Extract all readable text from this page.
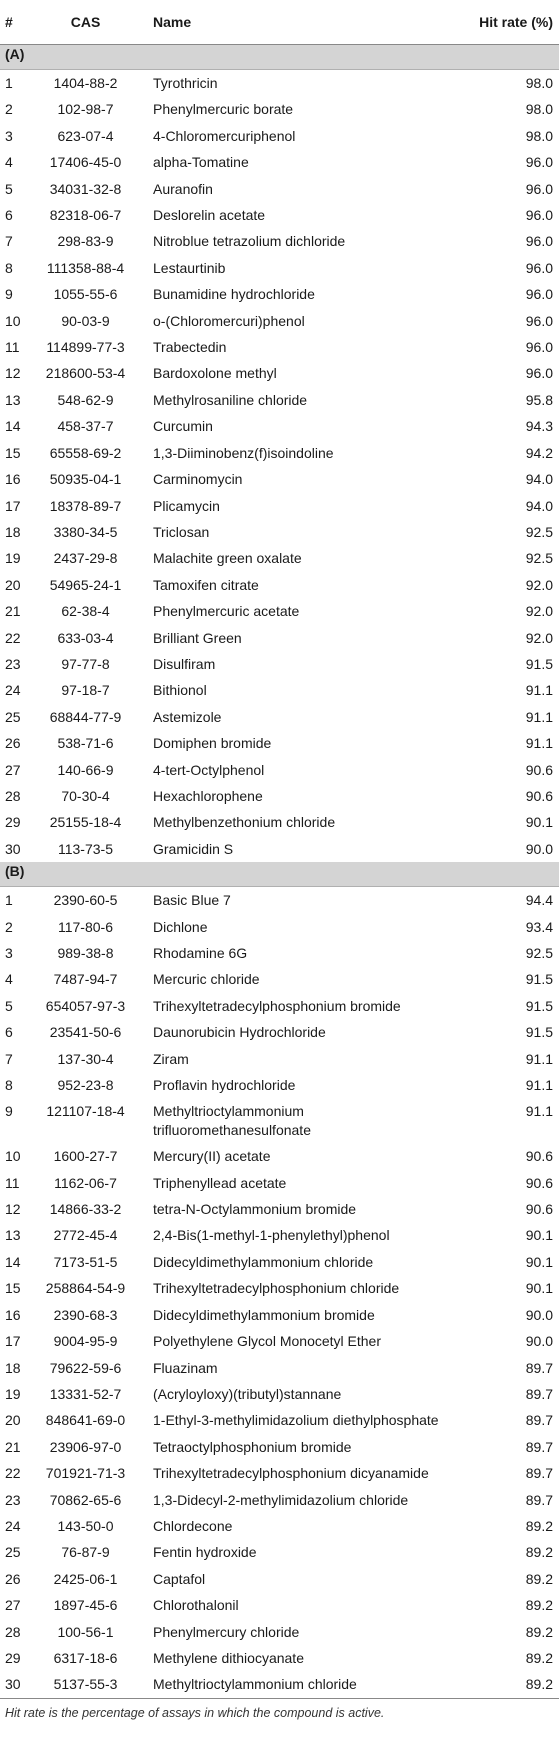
#	CAS	Name	Hit rate (%)
(A)			
1	1404-88-2	Tyrothricin	98.0
2	102-98-7	Phenylmercuric borate	98.0
3	623-07-4	4-Chloromercuriphenol	98.0
4	17406-45-0	alpha-Tomatine	96.0
5	34031-32-8	Auranofin	96.0
6	82318-06-7	Deslorelin acetate	96.0
7	298-83-9	Nitroblue tetrazolium dichloride	96.0
8	111358-88-4	Lestaurtinib	96.0
9	1055-55-6	Bunamidine hydrochloride	96.0
10	90-03-9	o-(Chloromercuri)phenol	96.0
11	114899-77-3	Trabectedin	96.0
12	218600-53-4	Bardoxolone methyl	96.0
13	548-62-9	Methylrosaniline chloride	95.8
14	458-37-7	Curcumin	94.3
15	65558-69-2	1,3-Diiminobenz(f)isoindoline	94.2
16	50935-04-1	Carminomycin	94.0
17	18378-89-7	Plicamycin	94.0
18	3380-34-5	Triclosan	92.5
19	2437-29-8	Malachite green oxalate	92.5
20	54965-24-1	Tamoxifen citrate	92.0
21	62-38-4	Phenylmercuric acetate	92.0
22	633-03-4	Brilliant Green	92.0
23	97-77-8	Disulfiram	91.5
24	97-18-7	Bithionol	91.1
25	68844-77-9	Astemizole	91.1
26	538-71-6	Domiphen bromide	91.1
27	140-66-9	4-tert-Octylphenol	90.6
28	70-30-4	Hexachlorophene	90.6
29	25155-18-4	Methylbenzethonium chloride	90.1
30	113-73-5	Gramicidin S	90.0
(B)			
1	2390-60-5	Basic Blue 7	94.4
2	117-80-6	Dichlone	93.4
3	989-38-8	Rhodamine 6G	92.5
4	7487-94-7	Mercuric chloride	91.5
5	654057-97-3	Trihexyltetradecylphosphonium bromide	91.5
6	23541-50-6	Daunorubicin Hydrochloride	91.5
7	137-30-4	Ziram	91.1
8	952-23-8	Proflavin hydrochloride	91.1
9	121107-18-4	Methyltrioctylammonium trifluoromethanesulfonate	91.1
10	1600-27-7	Mercury(II) acetate	90.6
11	1162-06-7	Triphenyllead acetate	90.6
12	14866-33-2	tetra-N-Octylammonium bromide	90.6
13	2772-45-4	2,4-Bis(1-methyl-1-phenylethyl)phenol	90.1
14	7173-51-5	Didecyldimethylammonium chloride	90.1
15	258864-54-9	Trihexyltetradecylphosphonium chloride	90.1
16	2390-68-3	Didecyldimethylammonium bromide	90.0
17	9004-95-9	Polyethylene Glycol Monocetyl Ether	90.0
18	79622-59-6	Fluazinam	89.7
19	13331-52-7	(Acryloyloxy)(tributyl)stannane	89.7
20	848641-69-0	1-Ethyl-3-methylimidazolium diethylphosphate	89.7
21	23906-97-0	Tetraoctylphosphonium bromide	89.7
22	701921-71-3	Trihexyltetradecylphosphonium dicyanamide	89.7
23	70862-65-6	1,3-Didecyl-2-methylimidazolium chloride	89.7
24	143-50-0	Chlordecone	89.2
25	76-87-9	Fentin hydroxide	89.2
26	2425-06-1	Captafol	89.2
27	1897-45-6	Chlorothalonil	89.2
28	100-56-1	Phenylmercury chloride	89.2
29	6317-18-6	Methylene dithiocyanate	89.2
30	5137-55-3	Methyltrioctylammonium chloride	89.2
Hit rate is the percentage of assays in which the compound is active.
